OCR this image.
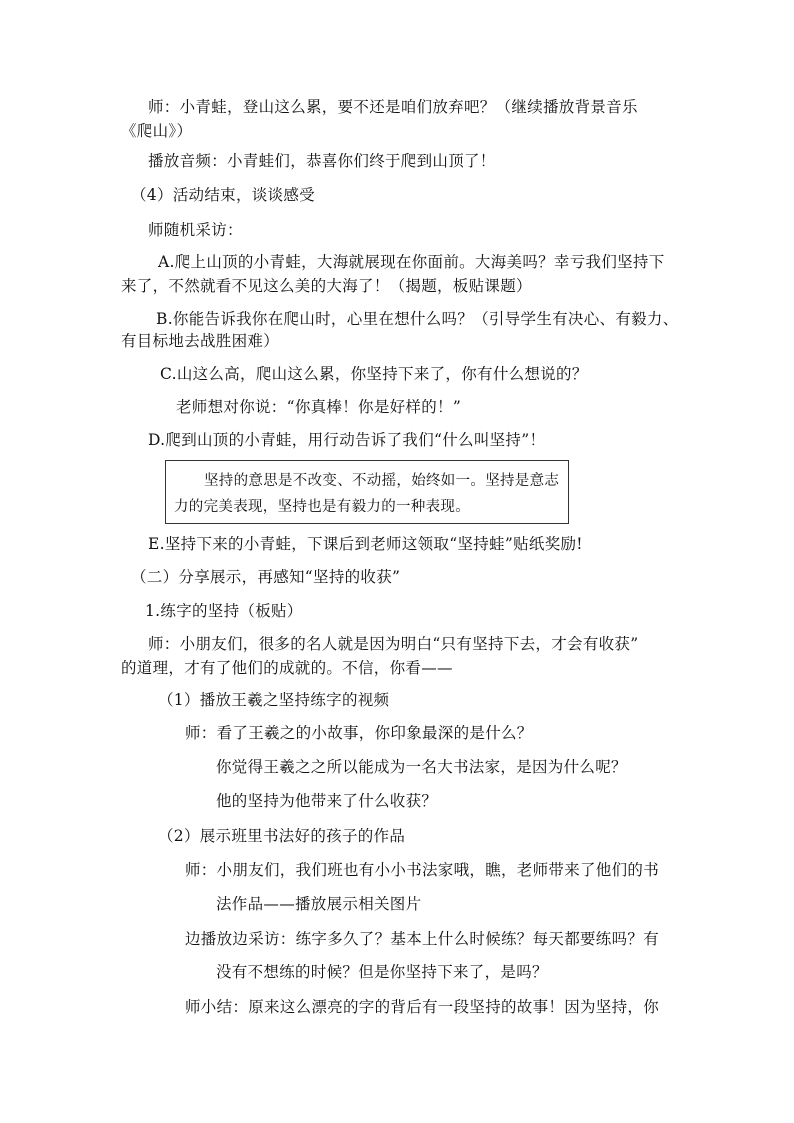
师：小青蛙，登山这么累，要不还是咱们放弃吧？（继续播放背景音乐
《爬山》）
播放音频：小青蛙们，恭喜你们终于爬到山顶了！
（4）活动结束，谈谈感受
师随机采访：
A.爬上山顶的小青蛙，大海就展现在你面前。大海美吗？幸亏我们坚持下
来了，不然就看不见这么美的大海了！（揭题，板贴课题）
B.你能告诉我你在爬山时，心里在想什么吗？（引导学生有决心、有毅力、
有目标地去战胜困难）
C.山这么高，爬山这么累，你坚持下来了，你有什么想说的？
老师想对你说：“你真棒！你是好样的！”
D.爬到山顶的小青蛙，用行动告诉了我们“什么叫坚持”！
坚持的意思是不改变、不动摇，始终如一。坚持是意志
力的完美表现，坚持也是有毅力的一种表现。
E.坚持下来的小青蛙，下课后到老师这领取“坚持蛙”贴纸奖励!
（二）分享展示，再感知“坚持的收获”
1.练字的坚持（板贴）
师：小朋友们，很多的名人就是因为明白“只有坚持下去，才会有收获”
的道理，才有了他们的成就的。不信，你看——
（1）播放王羲之坚持练字的视频
师：看了王羲之的小故事，你印象最深的是什么？
你觉得王羲之之所以能成为一名大书法家，是因为什么呢？
他的坚持为他带来了什么收获？
（2）展示班里书法好的孩子的作品
师：小朋友们，我们班也有小小书法家哦，瞧，老师带来了他们的书
法作品——播放展示相关图片
边播放边采访：练字多久了？基本上什么时候练？每天都要练吗？有
没有不想练的时候？但是你坚持下来了，是吗？
师小结：原来这么漂亮的字的背后有一段坚持的故事！因为坚持，你
